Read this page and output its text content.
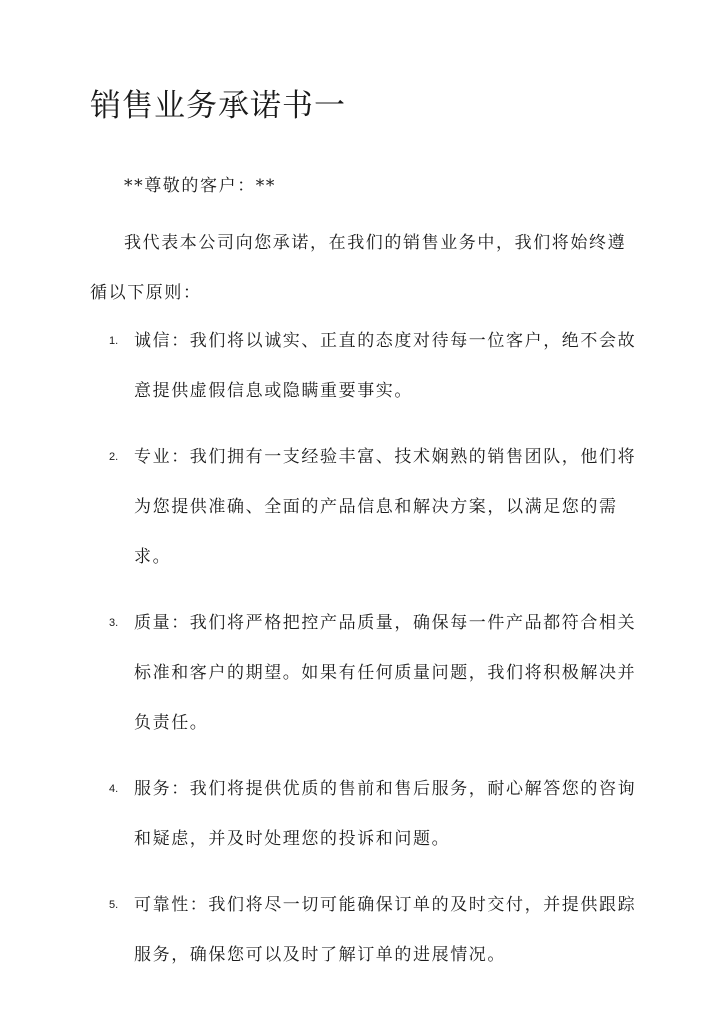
销售业务承诺书一

**尊敬的客户：**

我代表本公司向您承诺，在我们的销售业务中，我们将始终遵循以下原则：

1. 诚信：我们将以诚实、正直的态度对待每一位客户，绝不会故意提供虚假信息或隐瞒重要事实。
2. 专业：我们拥有一支经验丰富、技术娴熟的销售团队，他们将为您提供准确、全面的产品信息和解决方案，以满足您的需求。
3. 质量：我们将严格把控产品质量，确保每一件产品都符合相关标准和客户的期望。如果有任何质量问题，我们将积极解决并负责任。
4. 服务：我们将提供优质的售前和售后服务，耐心解答您的咨询和疑虑，并及时处理您的投诉和问题。
5. 可靠性：我们将尽一切可能确保订单的及时交付，并提供跟踪服务，确保您可以及时了解订单的进展情况。
